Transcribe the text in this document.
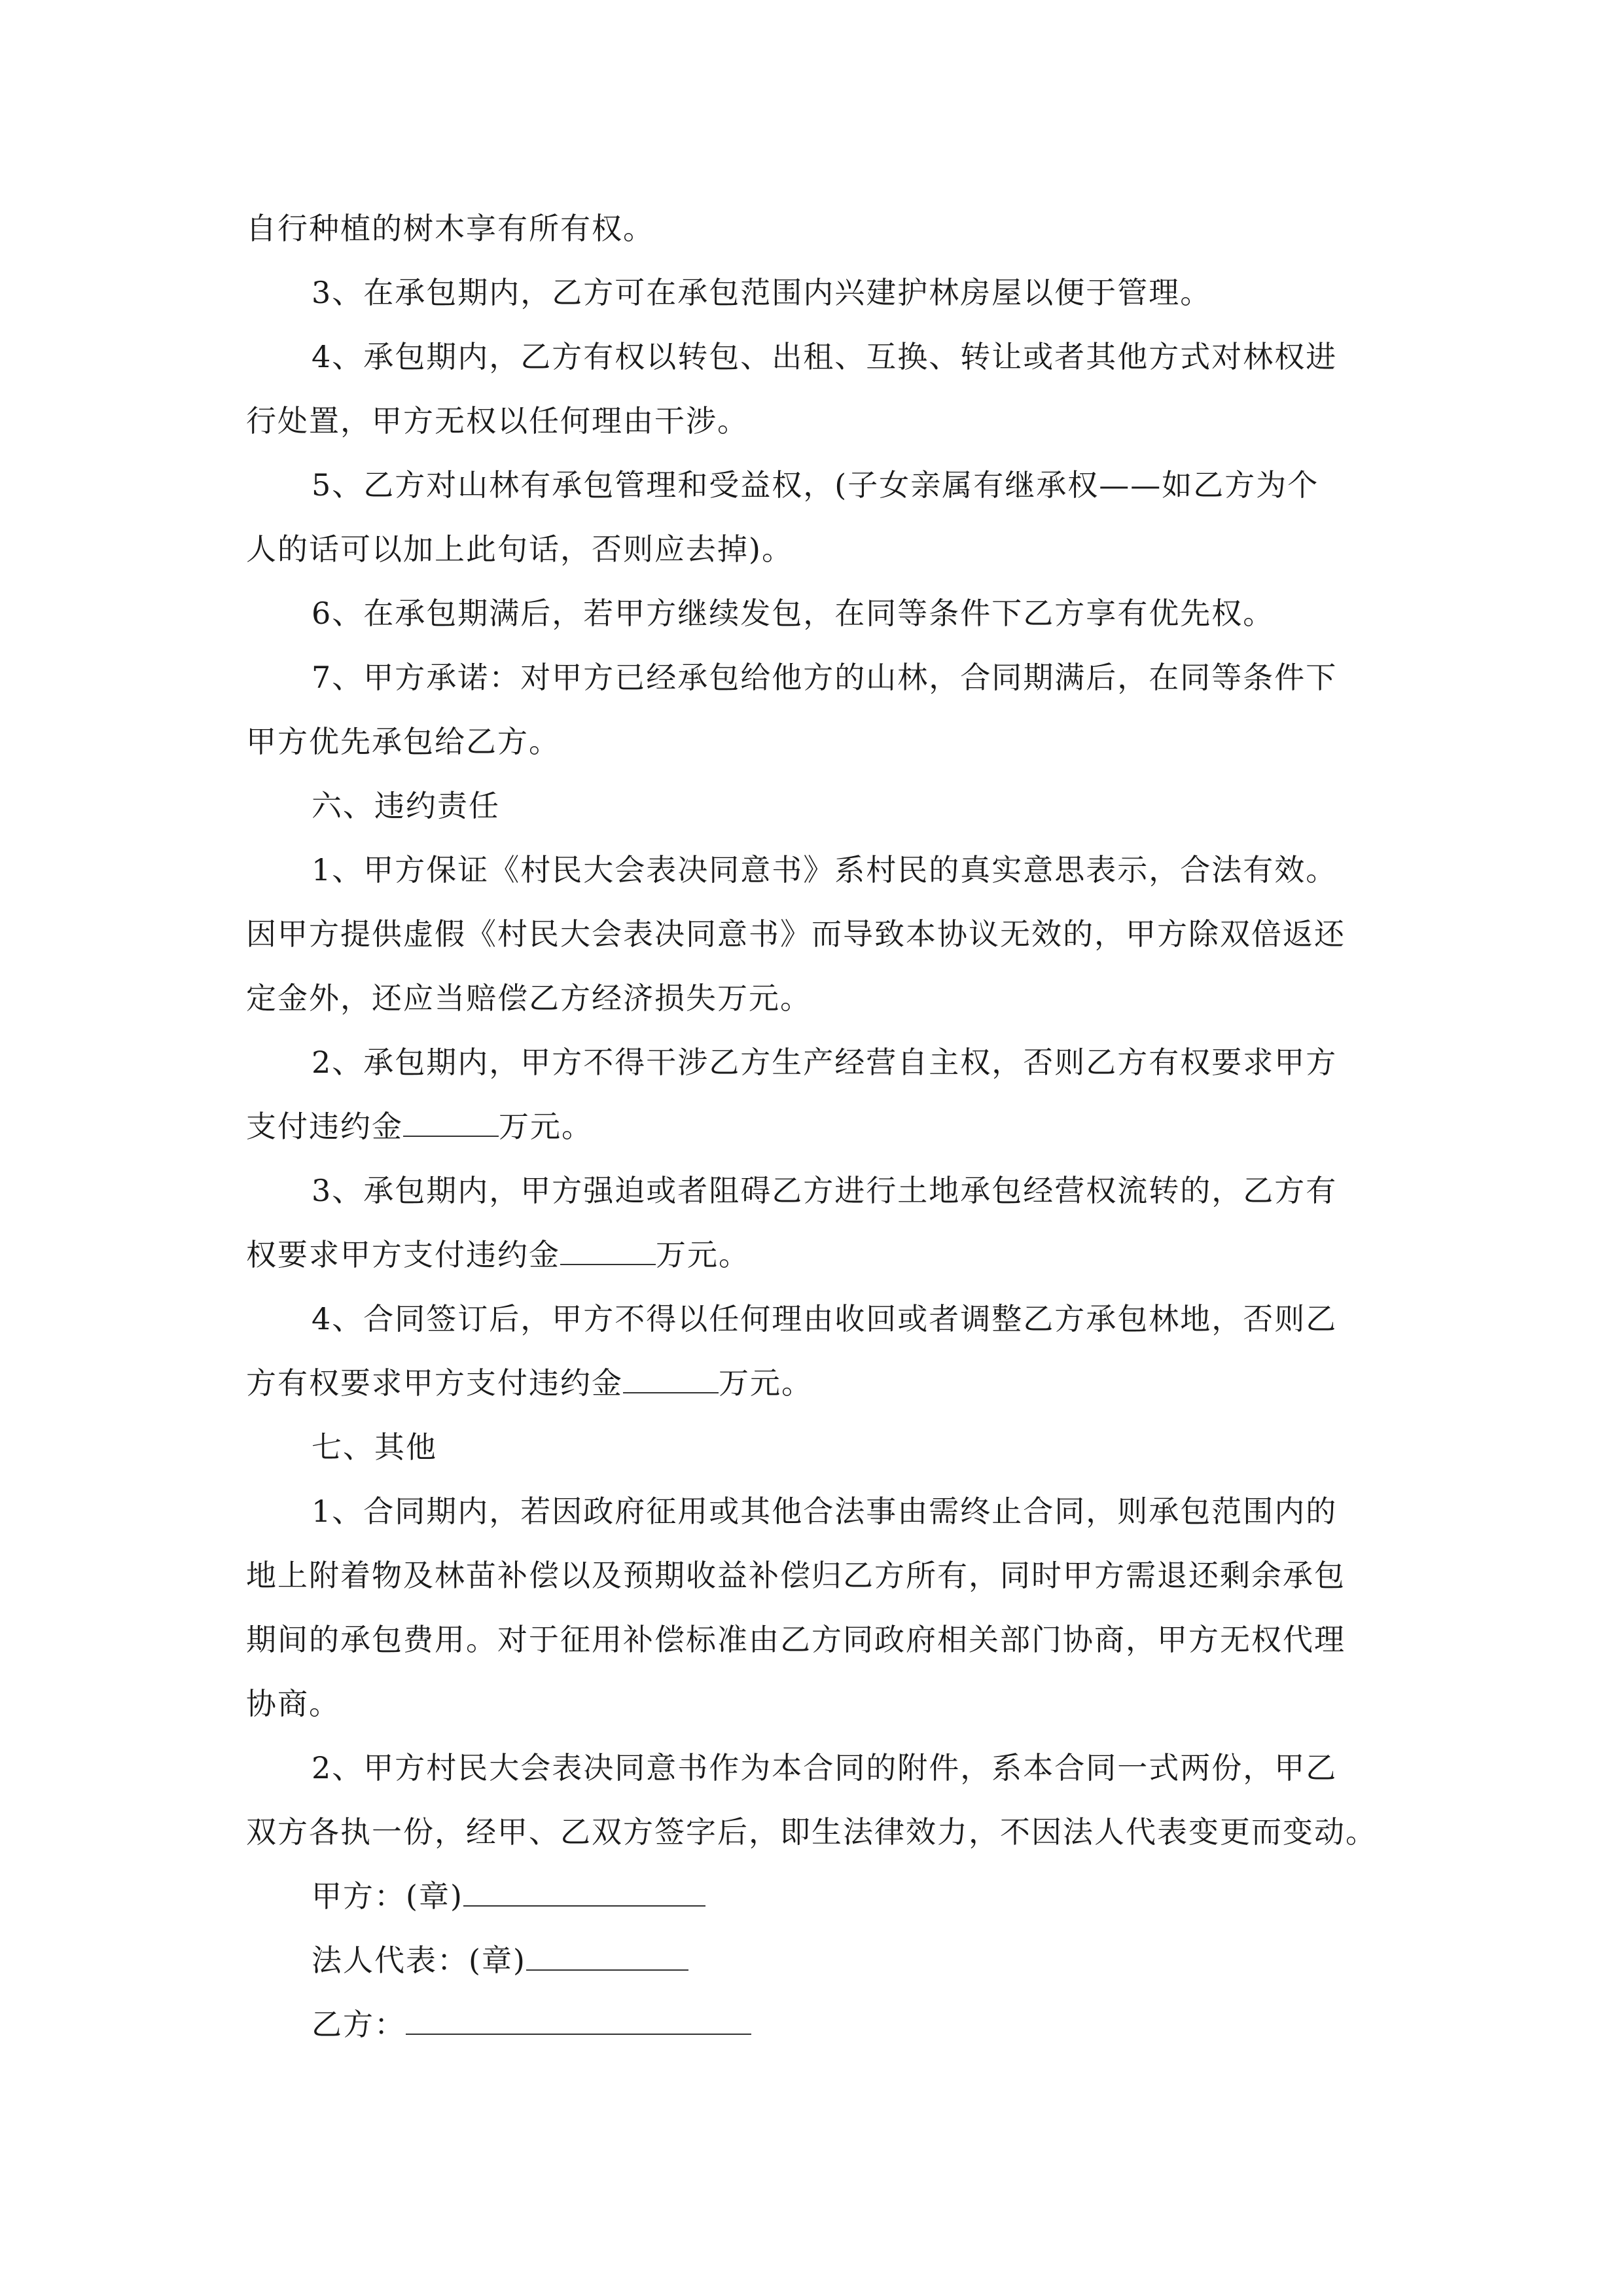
自行种植的树木享有所有权。

3、在承包期内，乙方可在承包范围内兴建护林房屋以便于管理。

4、承包期内，乙方有权以转包、出租、互换、转让或者其他方式对林权进
行处置，甲方无权以任何理由干涉。

5、乙方对山林有承包管理和受益权，(子女亲属有继承权——如乙方为个
人的话可以加上此句话，否则应去掉)。

6、在承包期满后，若甲方继续发包，在同等条件下乙方享有优先权。

7、甲方承诺：对甲方已经承包给他方的山林，合同期满后，在同等条件下
甲方优先承包给乙方。

六、违约责任

1、甲方保证《村民大会表决同意书》系村民的真实意思表示，合法有效。
因甲方提供虚假《村民大会表决同意书》而导致本协议无效的，甲方除双倍返还
定金外，还应当赔偿乙方经济损失万元。

2、承包期内，甲方不得干涉乙方生产经营自主权，否则乙方有权要求甲方
支付违约金	万元。

3、承包期内，甲方强迫或者阻碍乙方进行土地承包经营权流转的，乙方有
权要求甲方支付违约金	万元。

4、合同签订后，甲方不得以任何理由收回或者调整乙方承包林地，否则乙
方有权要求甲方支付违约金	万元。

七、其他

1、合同期内，若因政府征用或其他合法事由需终止合同，则承包范围内的
地上附着物及林苗补偿以及预期收益补偿归乙方所有，同时甲方需退还剩余承包
期间的承包费用。对于征用补偿标准由乙方同政府相关部门协商，甲方无权代理
协商。

2、甲方村民大会表决同意书作为本合同的附件，系本合同一式两份，甲乙
双方各执一份，经甲、乙双方签字后，即生法律效力，不因法人代表变更而变动。

甲方：(章)
法人代表：(章)
乙方：
